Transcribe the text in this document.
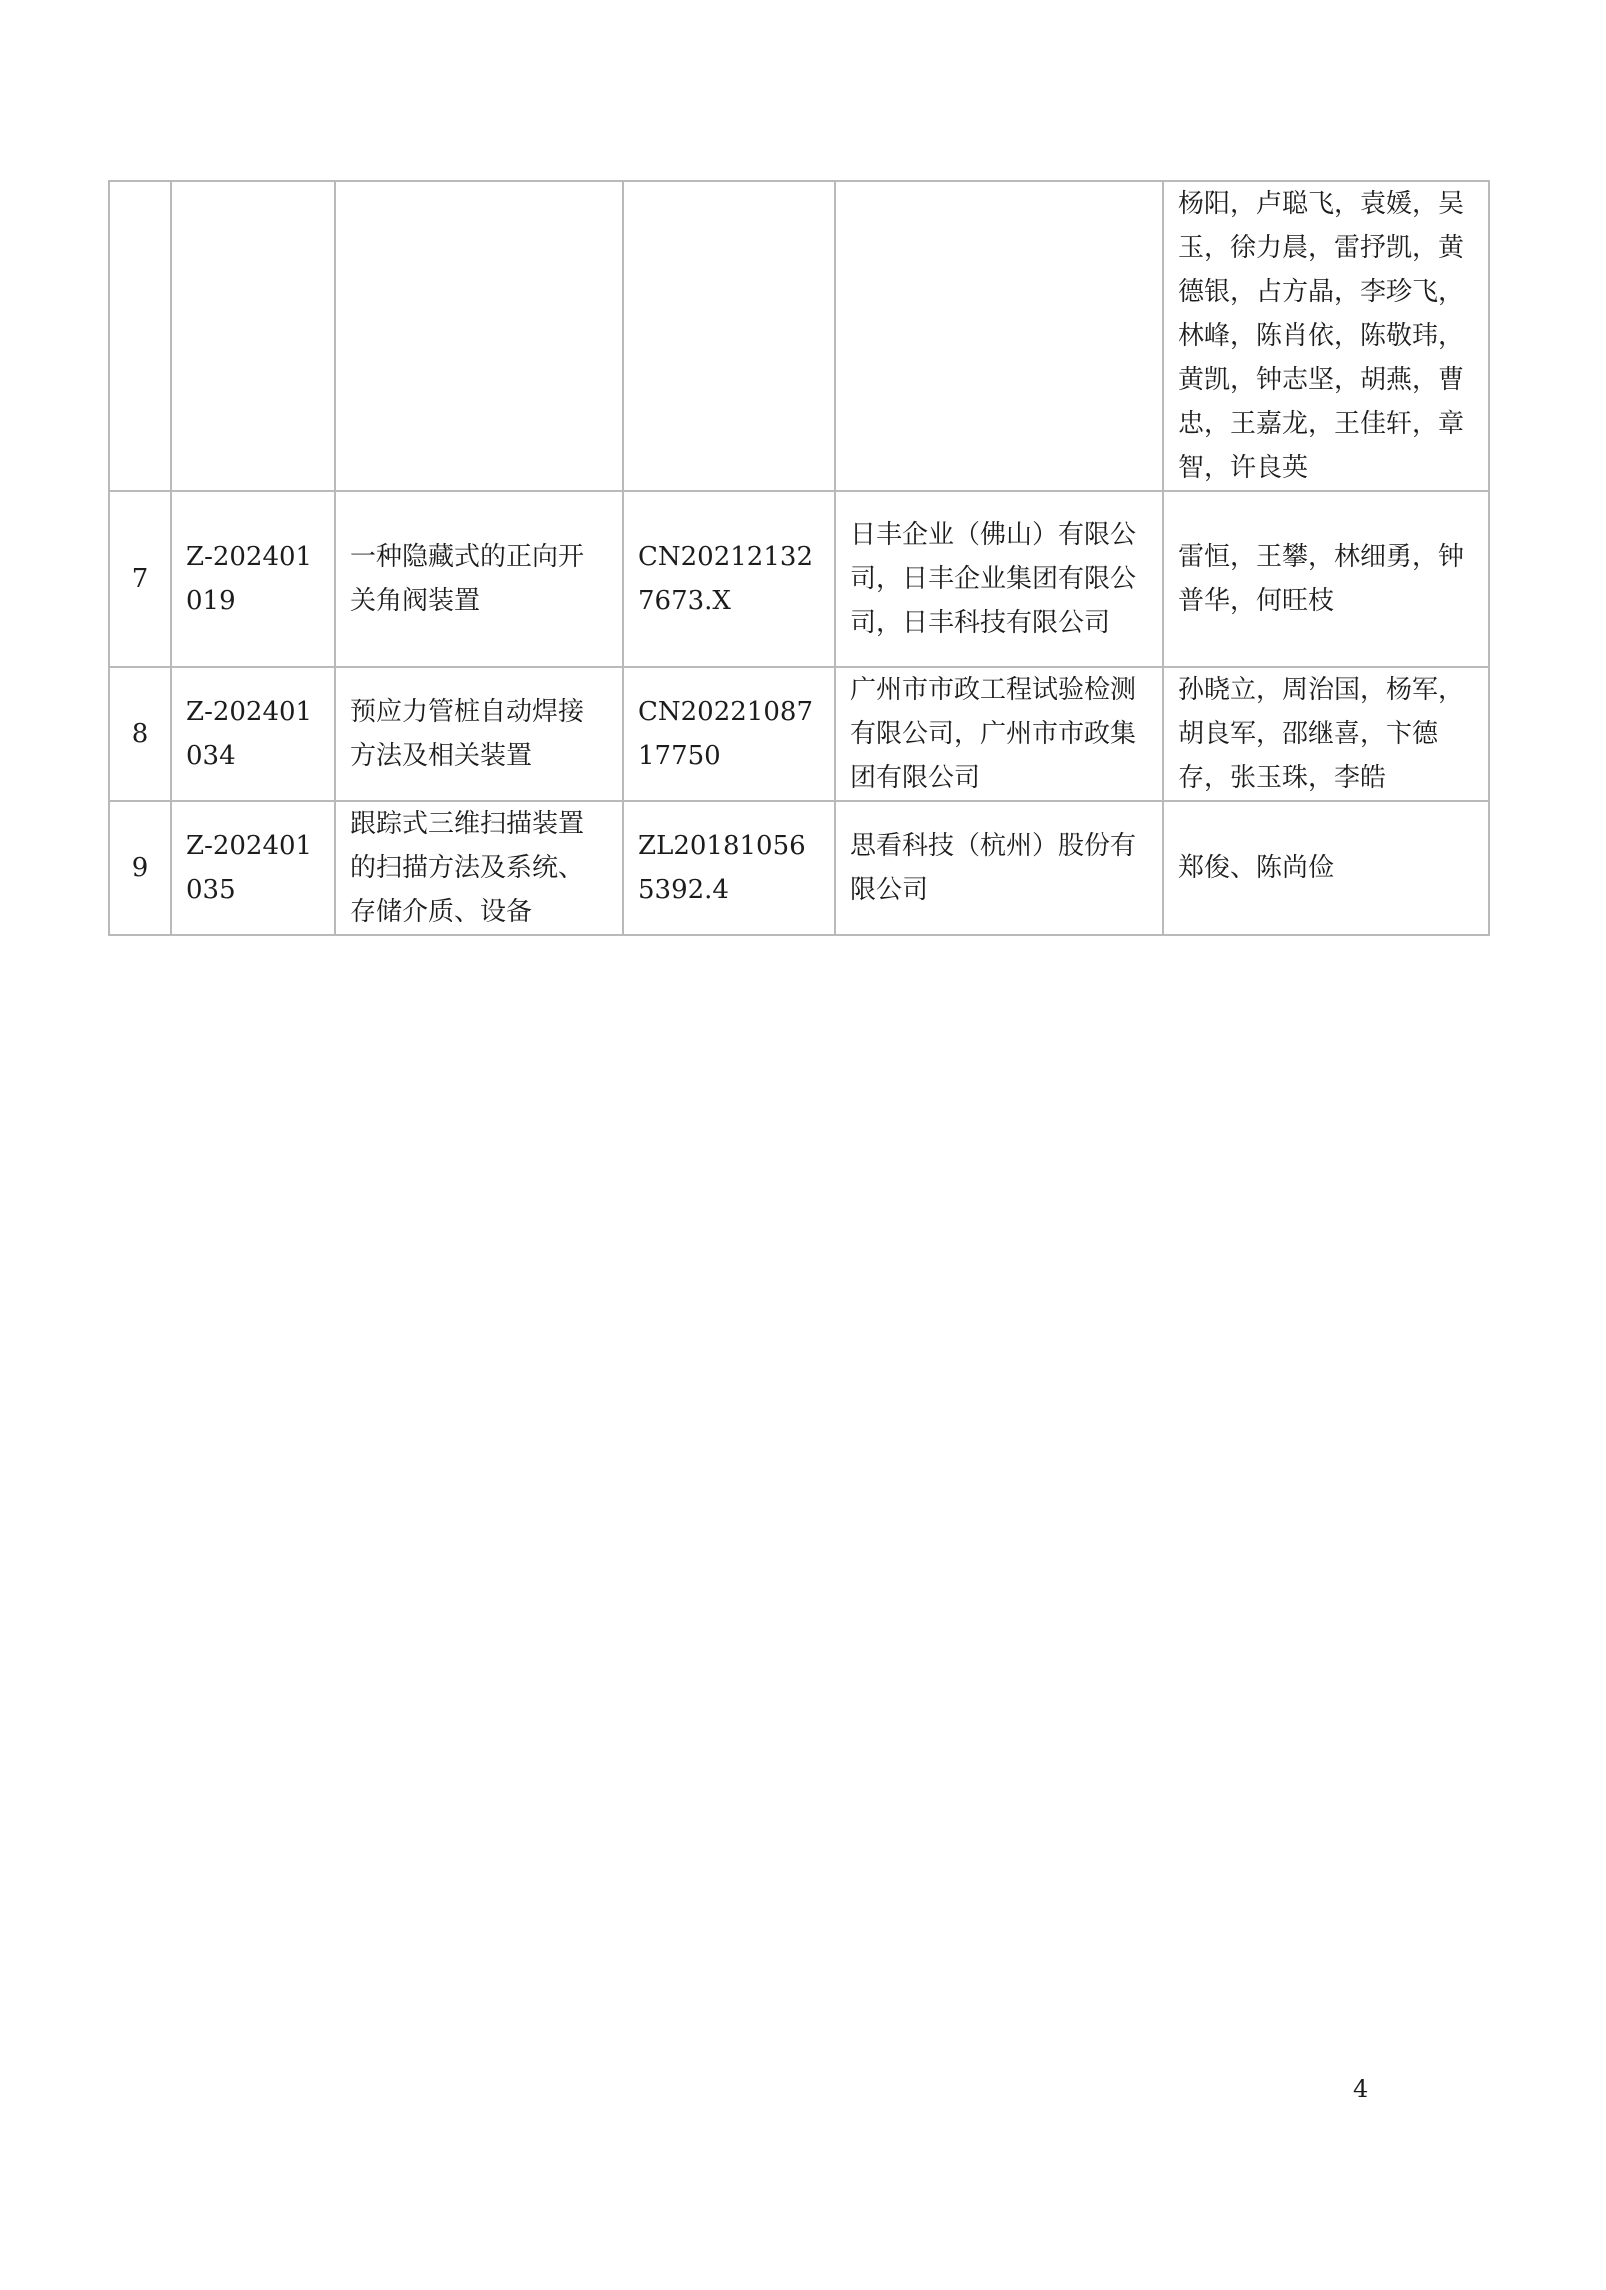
					杨阳，卢聪飞，袁媛，吴玉，徐力晨，雷抒凯，黄德银，占方晶，李珍飞，林峰，陈肖依，陈敬玮，黄凯，钟志坚，胡燕，曹忠，王嘉龙，王佳轩，章智，许良英
7	Z-202401019	一种隐藏式的正向开关角阀装置	CN202121327673.X	日丰企业（佛山）有限公司，日丰企业集团有限公司，日丰科技有限公司	雷恒，王攀，林细勇，钟普华，何旺枝
8	Z-202401034	预应力管桩自动焊接方法及相关装置	CN2022108717750	广州市市政工程试验检测有限公司，广州市市政集团有限公司	孙晓立，周治国，杨军，胡良军，邵继喜，卞德存，张玉珠，李皓
9	Z-202401035	跟踪式三维扫描装置的扫描方法及系统、存储介质、设备	ZL201810565392.4	思看科技（杭州）股份有限公司	郑俊、陈尚俭
4
